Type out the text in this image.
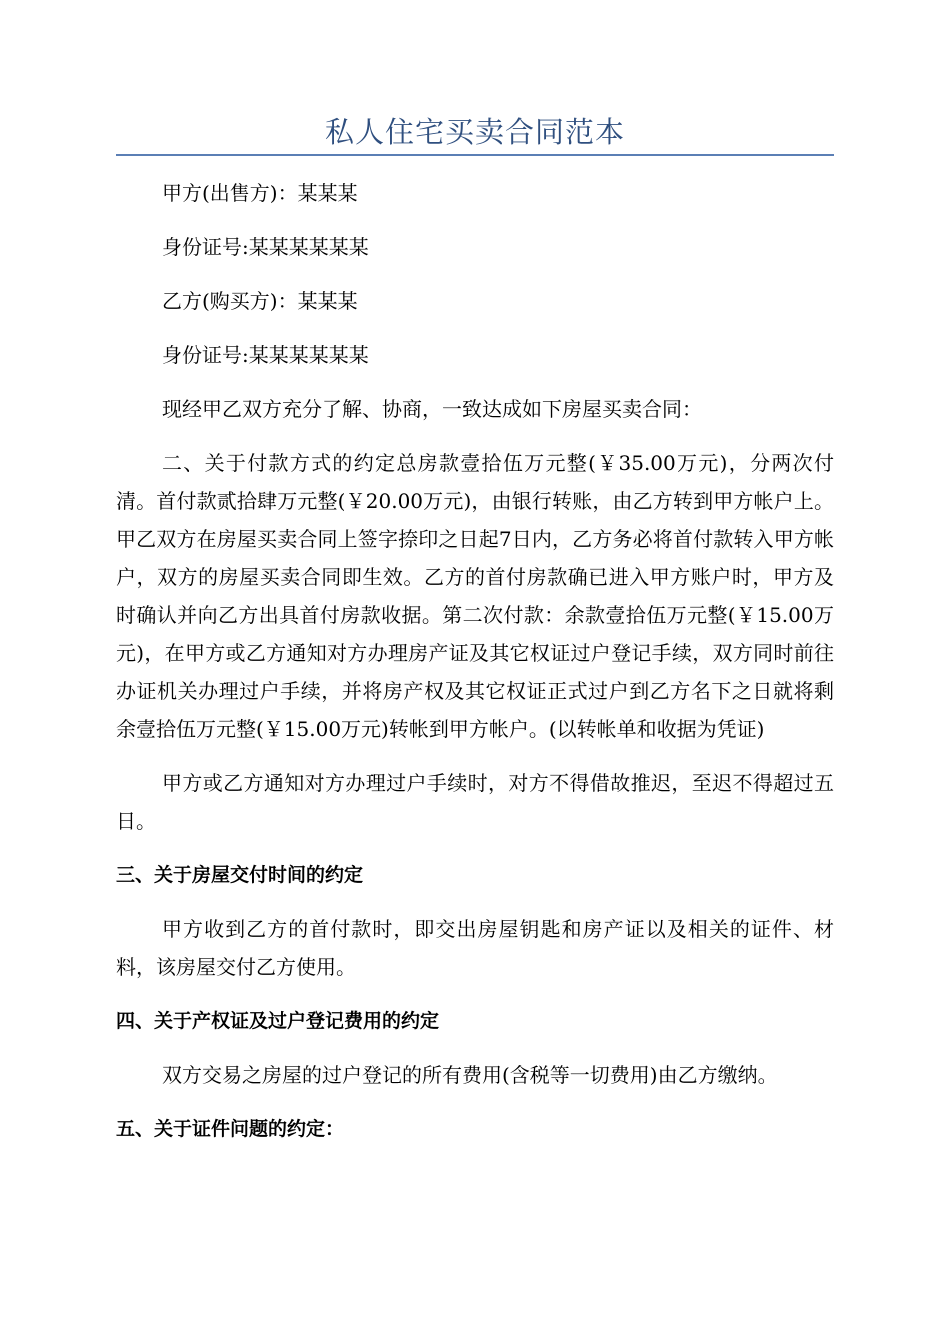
私人住宅买卖合同范本

甲方(出售方)：某某某

身份证号:某某某某某某

乙方(购买方)：某某某

身份证号:某某某某某某

现经甲乙双方充分了解、协商，一致达成如下房屋买卖合同：

二、关于付款方式的约定总房款壹拾伍万元整(￥35.00万元)，分两次付清。首付款贰拾肆万元整(￥20.00万元)，由银行转账，由乙方转到甲方帐户上。甲乙双方在房屋买卖合同上签字捺印之日起7日内，乙方务必将首付款转入甲方帐户，双方的房屋买卖合同即生效。乙方的首付房款确已进入甲方账户时，甲方及时确认并向乙方出具首付房款收据。第二次付款：余款壹拾伍万元整(￥15.00万元)，在甲方或乙方通知对方办理房产证及其它权证过户登记手续，双方同时前往办证机关办理过户手续，并将房产权及其它权证正式过户到乙方名下之日就将剩余壹拾伍万元整(￥15.00万元)转帐到甲方帐户。(以转帐单和收据为凭证)

甲方或乙方通知对方办理过户手续时，对方不得借故推迟，至迟不得超过五日。

三、关于房屋交付时间的约定

甲方收到乙方的首付款时，即交出房屋钥匙和房产证以及相关的证件、材料，该房屋交付乙方使用。

四、关于产权证及过户登记费用的约定

双方交易之房屋的过户登记的所有费用(含税等一切费用)由乙方缴纳。

五、关于证件问题的约定：
